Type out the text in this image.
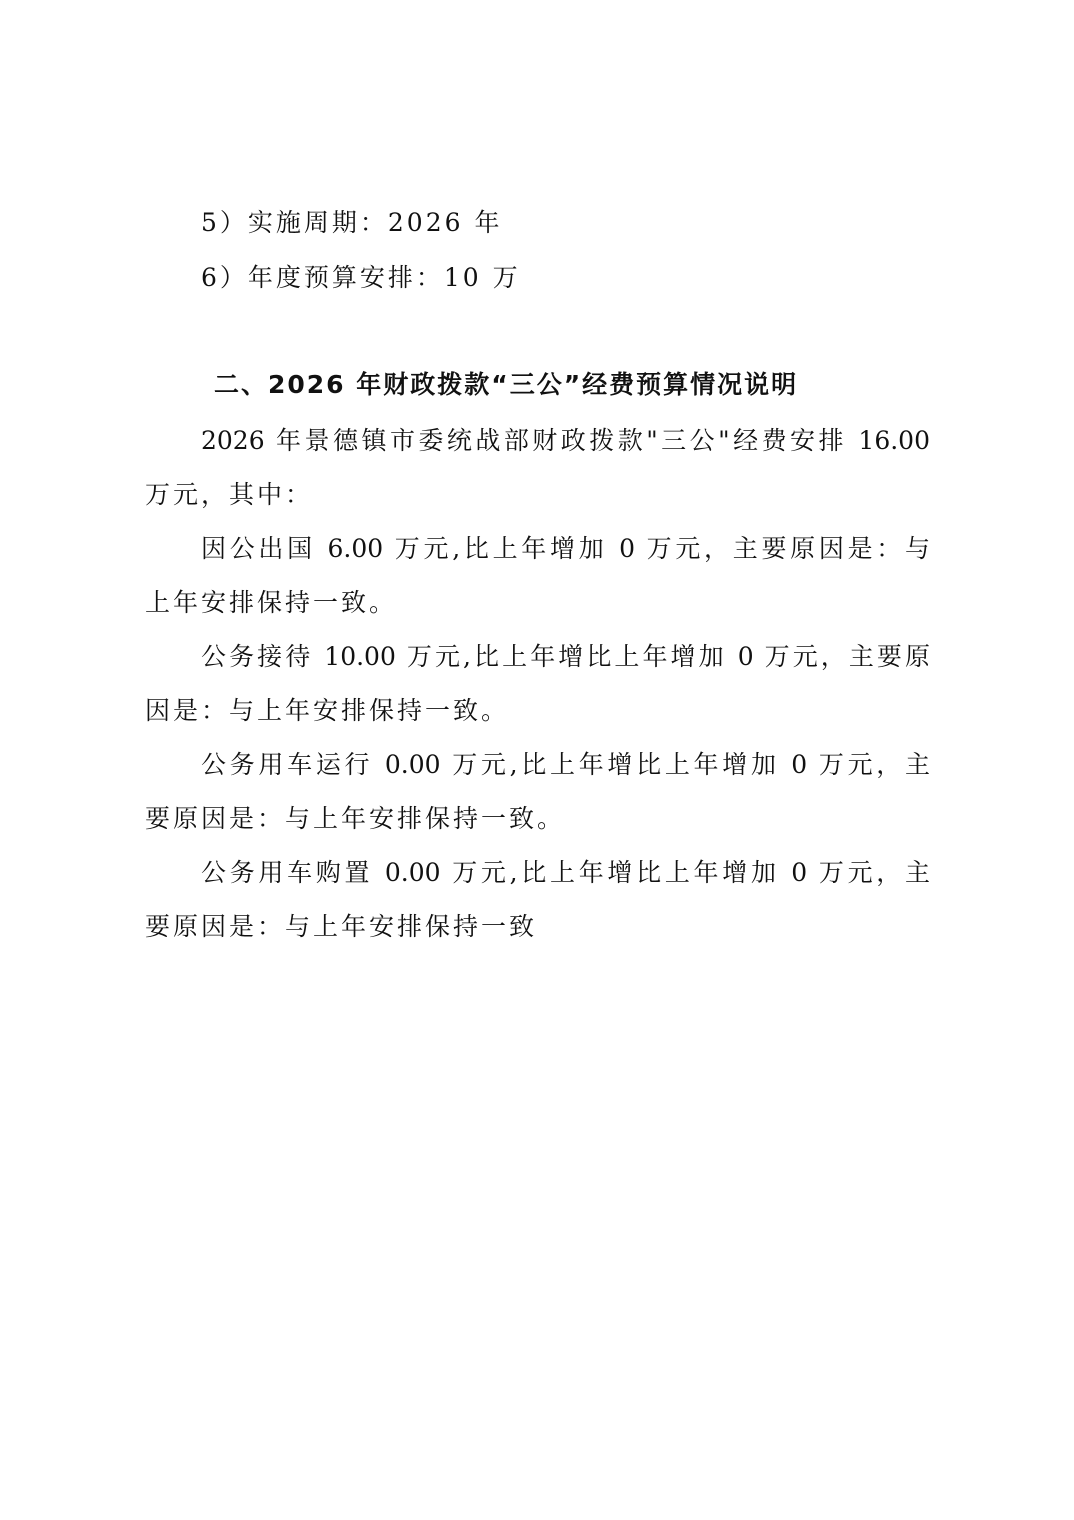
5）实施周期：2026 年

6）年度预算安排：10 万

二、2026 年财政拨款“三公”经费预算情况说明

2026 年景德镇市委统战部财政拨款"三公"经费安排 16.00

万元，其中：

因公出国 6.00 万元,比上年增加 0 万元，主要原因是：与

上年安排保持一致。

公务接待 10.00 万元,比上年增比上年增加 0 万元，主要原

因是：与上年安排保持一致。

公务用车运行 0.00 万元,比上年增比上年增加 0 万元，主

要原因是：与上年安排保持一致。

公务用车购置 0.00 万元,比上年增比上年增加 0 万元，主

要原因是：与上年安排保持一致
